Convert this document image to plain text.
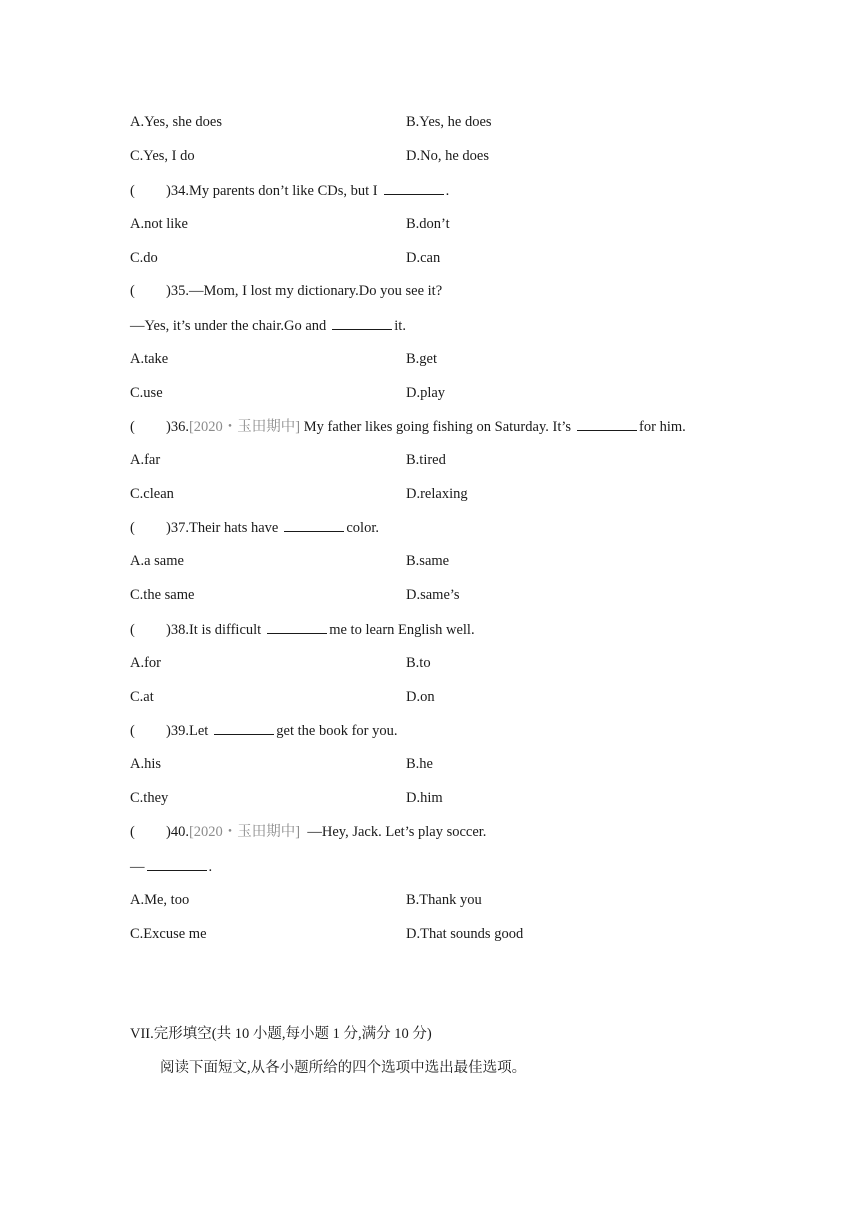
A.Yes, she does	B.Yes, he does
C.Yes, I do	D.No, he does
( )34.My parents don’t like CDs, but I	.
A.not like	B.don’t
C.do	D.can
( )35.—Mom, I lost my dictionary.Do you see it?
—Yes, it’s under the chair.Go and	it.
A.take	B.get
C.use	D.play
( )36.[2020・玉田期中] My father likes going fishing on Saturday. It’s	for him.
A.far	B.tired
C.clean	D.relaxing
( )37.Their hats have	color.
A.a same	B.same
C.the same	D.same’s
( )38.It is difficult	me to learn English well.
A.for	B.to
C.at	D.on
( )39.Let	get the book for you.
A.his	B.he
C.they	D.him
( )40.[2020・玉田期中]  —Hey, Jack. Let’s play soccer.
—	.
A.Me, too	B.Thank you
C.Excuse me	D.That sounds good
VII.完形填空(共 10 小题,每小题 1 分,满分 10 分)
阅读下面短文,从各小题所给的四个选项中选出最佳选项。
